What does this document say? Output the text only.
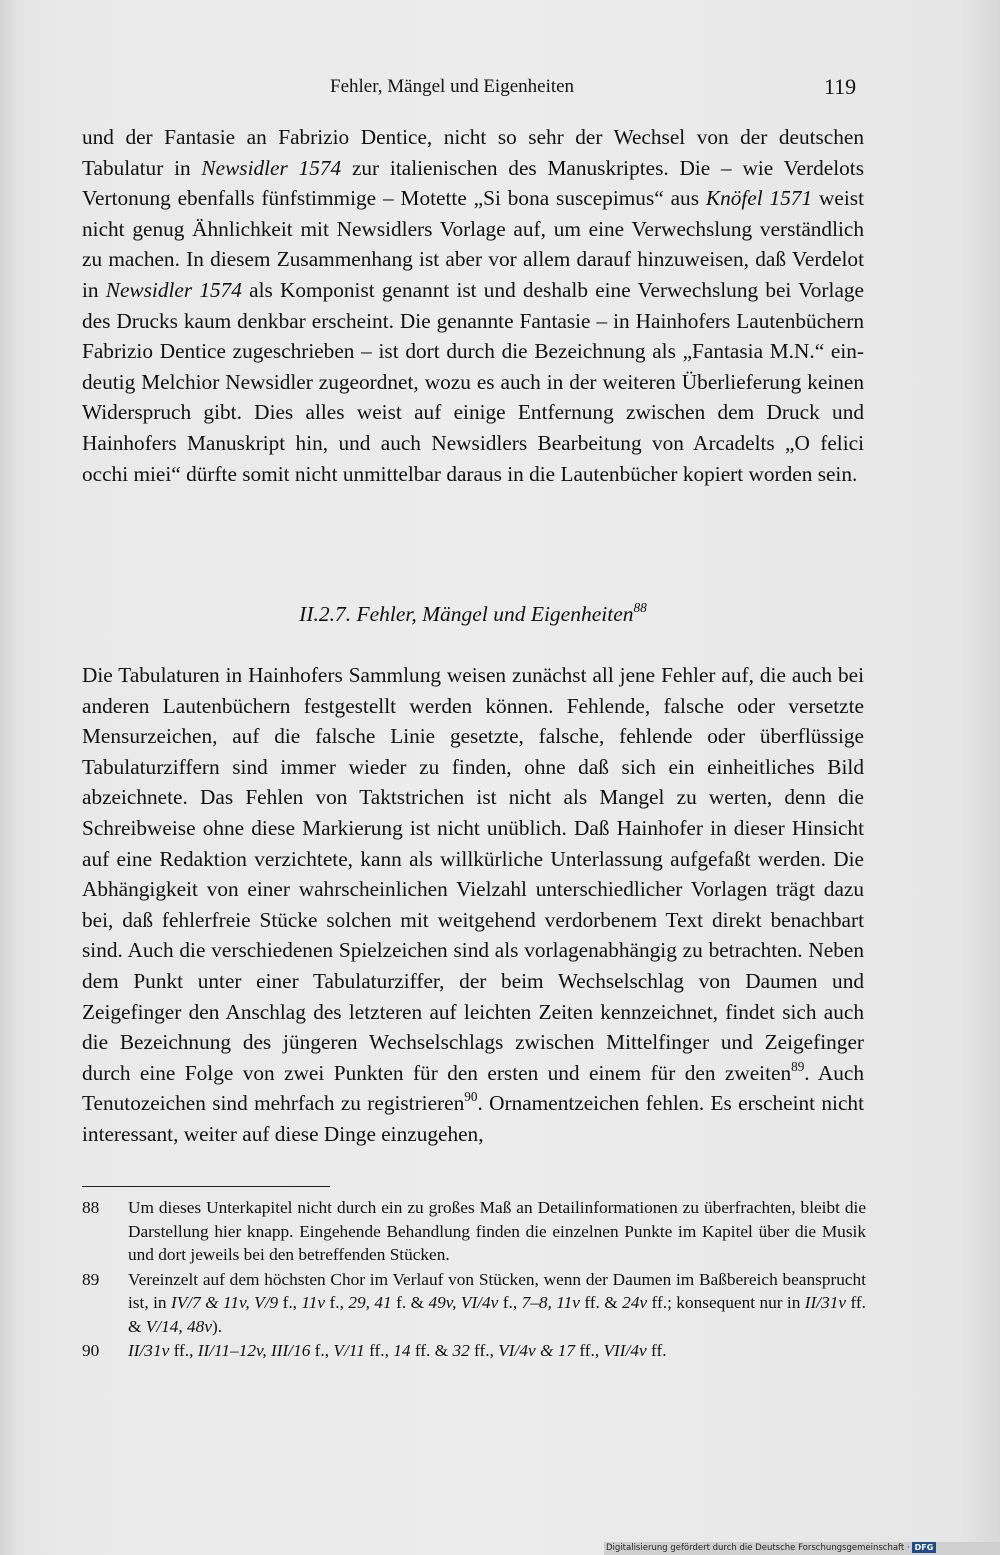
Fehler, Mängel und Eigenheiten	119

und der Fantasie an Fabrizio Dentice, nicht so sehr der Wechsel von der deutschen Tabulatur in Newsidler 1574 zur italienischen des Manuskriptes. Die – wie Verdelots Vertonung ebenfalls fünfstimmige – Motette „Si bona suscepimus“ aus Knöfel 1571 weist nicht genug Ähnlichkeit mit Newsidlers Vorlage auf, um eine Verwechslung verständlich zu machen. In diesem Zusammenhang ist aber vor allem darauf hinzuweisen, daß Verdelot in Newsidler 1574 als Komponist genannt ist und deshalb eine Verwechslung bei Vorlage des Drucks kaum denkbar erscheint. Die genannte Fantasie – in Hainhofers Lautenbüchern Fabrizio Dentice zugeschrieben – ist dort durch die Bezeichnung als „Fantasia M.N.“ eindeutig Melchior Newsidler zugeordnet, wozu es auch in der weiteren Überlieferung keinen Widerspruch gibt. Dies alles weist auf einige Entfernung zwischen dem Druck und Hainhofers Manuskript hin, und auch Newsidlers Bearbeitung von Arcadelts „O felici occhi miei“ dürfte somit nicht unmittelbar daraus in die Lautenbücher kopiert worden sein.

II.2.7. Fehler, Mängel und Eigenheiten$^{88}$

Die Tabulaturen in Hainhofers Sammlung weisen zunächst all jene Fehler auf, die auch bei anderen Lautenbüchern festgestellt werden können. Fehlende, falsche oder versetzte Mensurzeichen, auf die falsche Linie gesetzte, falsche, fehlende oder überflüssige Tabulaturziffern sind immer wieder zu finden, ohne daß sich ein einheitliches Bild abzeichnete. Das Fehlen von Taktstrichen ist nicht als Mangel zu werten, denn die Schreibweise ohne diese Markierung ist nicht unüblich. Daß Hainhofer in dieser Hinsicht auf eine Redaktion verzichtete, kann als willkürliche Unterlassung aufgefaßt werden. Die Abhängigkeit von einer wahrscheinlichen Vielzahl unterschiedlicher Vorlagen trägt dazu bei, daß fehlerfreie Stücke solchen mit weitgehend verdorbenem Text direkt benachbart sind. Auch die verschiedenen Spielzeichen sind als vorlagenabhängig zu betrachten. Neben dem Punkt unter einer Tabulaturziffer, der beim Wechselschlag von Daumen und Zeigefinger den Anschlag des letzteren auf leichten Zeiten kennzeichnet, findet sich auch die Bezeichnung des jüngeren Wechselschlags zwischen Mittelfinger und Zeigefinger durch eine Folge von zwei Punkten für den ersten und einem für den zweiten$^{89}$. Auch Tenutozeichen sind mehrfach zu registrieren$^{90}$. Ornamentzeichen fehlen. Es erscheint nicht interessant, weiter auf diese Dinge einzugehen,

88	Um dieses Unterkapitel nicht durch ein zu großes Maß an Detailinformationen zu überfrachten, bleibt die Darstellung hier knapp. Eingehende Behandlung finden die einzelnen Punkte im Kapitel über die Musik und dort jeweils bei den betreffenden Stücken.
89	Vereinzelt auf dem höchsten Chor im Verlauf von Stücken, wenn der Daumen im Baßbereich beansprucht ist, in IV/7 & 11v, V/9 f., 11v f., 29, 41 f. & 49v, VI/4v f., 7–8, 11v ff. & 24v ff.; konsequent nur in II/31v ff. & V/14, 48v).
90	II/31v ff., II/11–12v, III/16 f., V/11 ff., 14 ff. & 32 ff., VI/4v & 17 ff., VII/4v ff.
Digitalisierung gefördert durch die Deutsche Forschungsgemeinschaft · DFG
